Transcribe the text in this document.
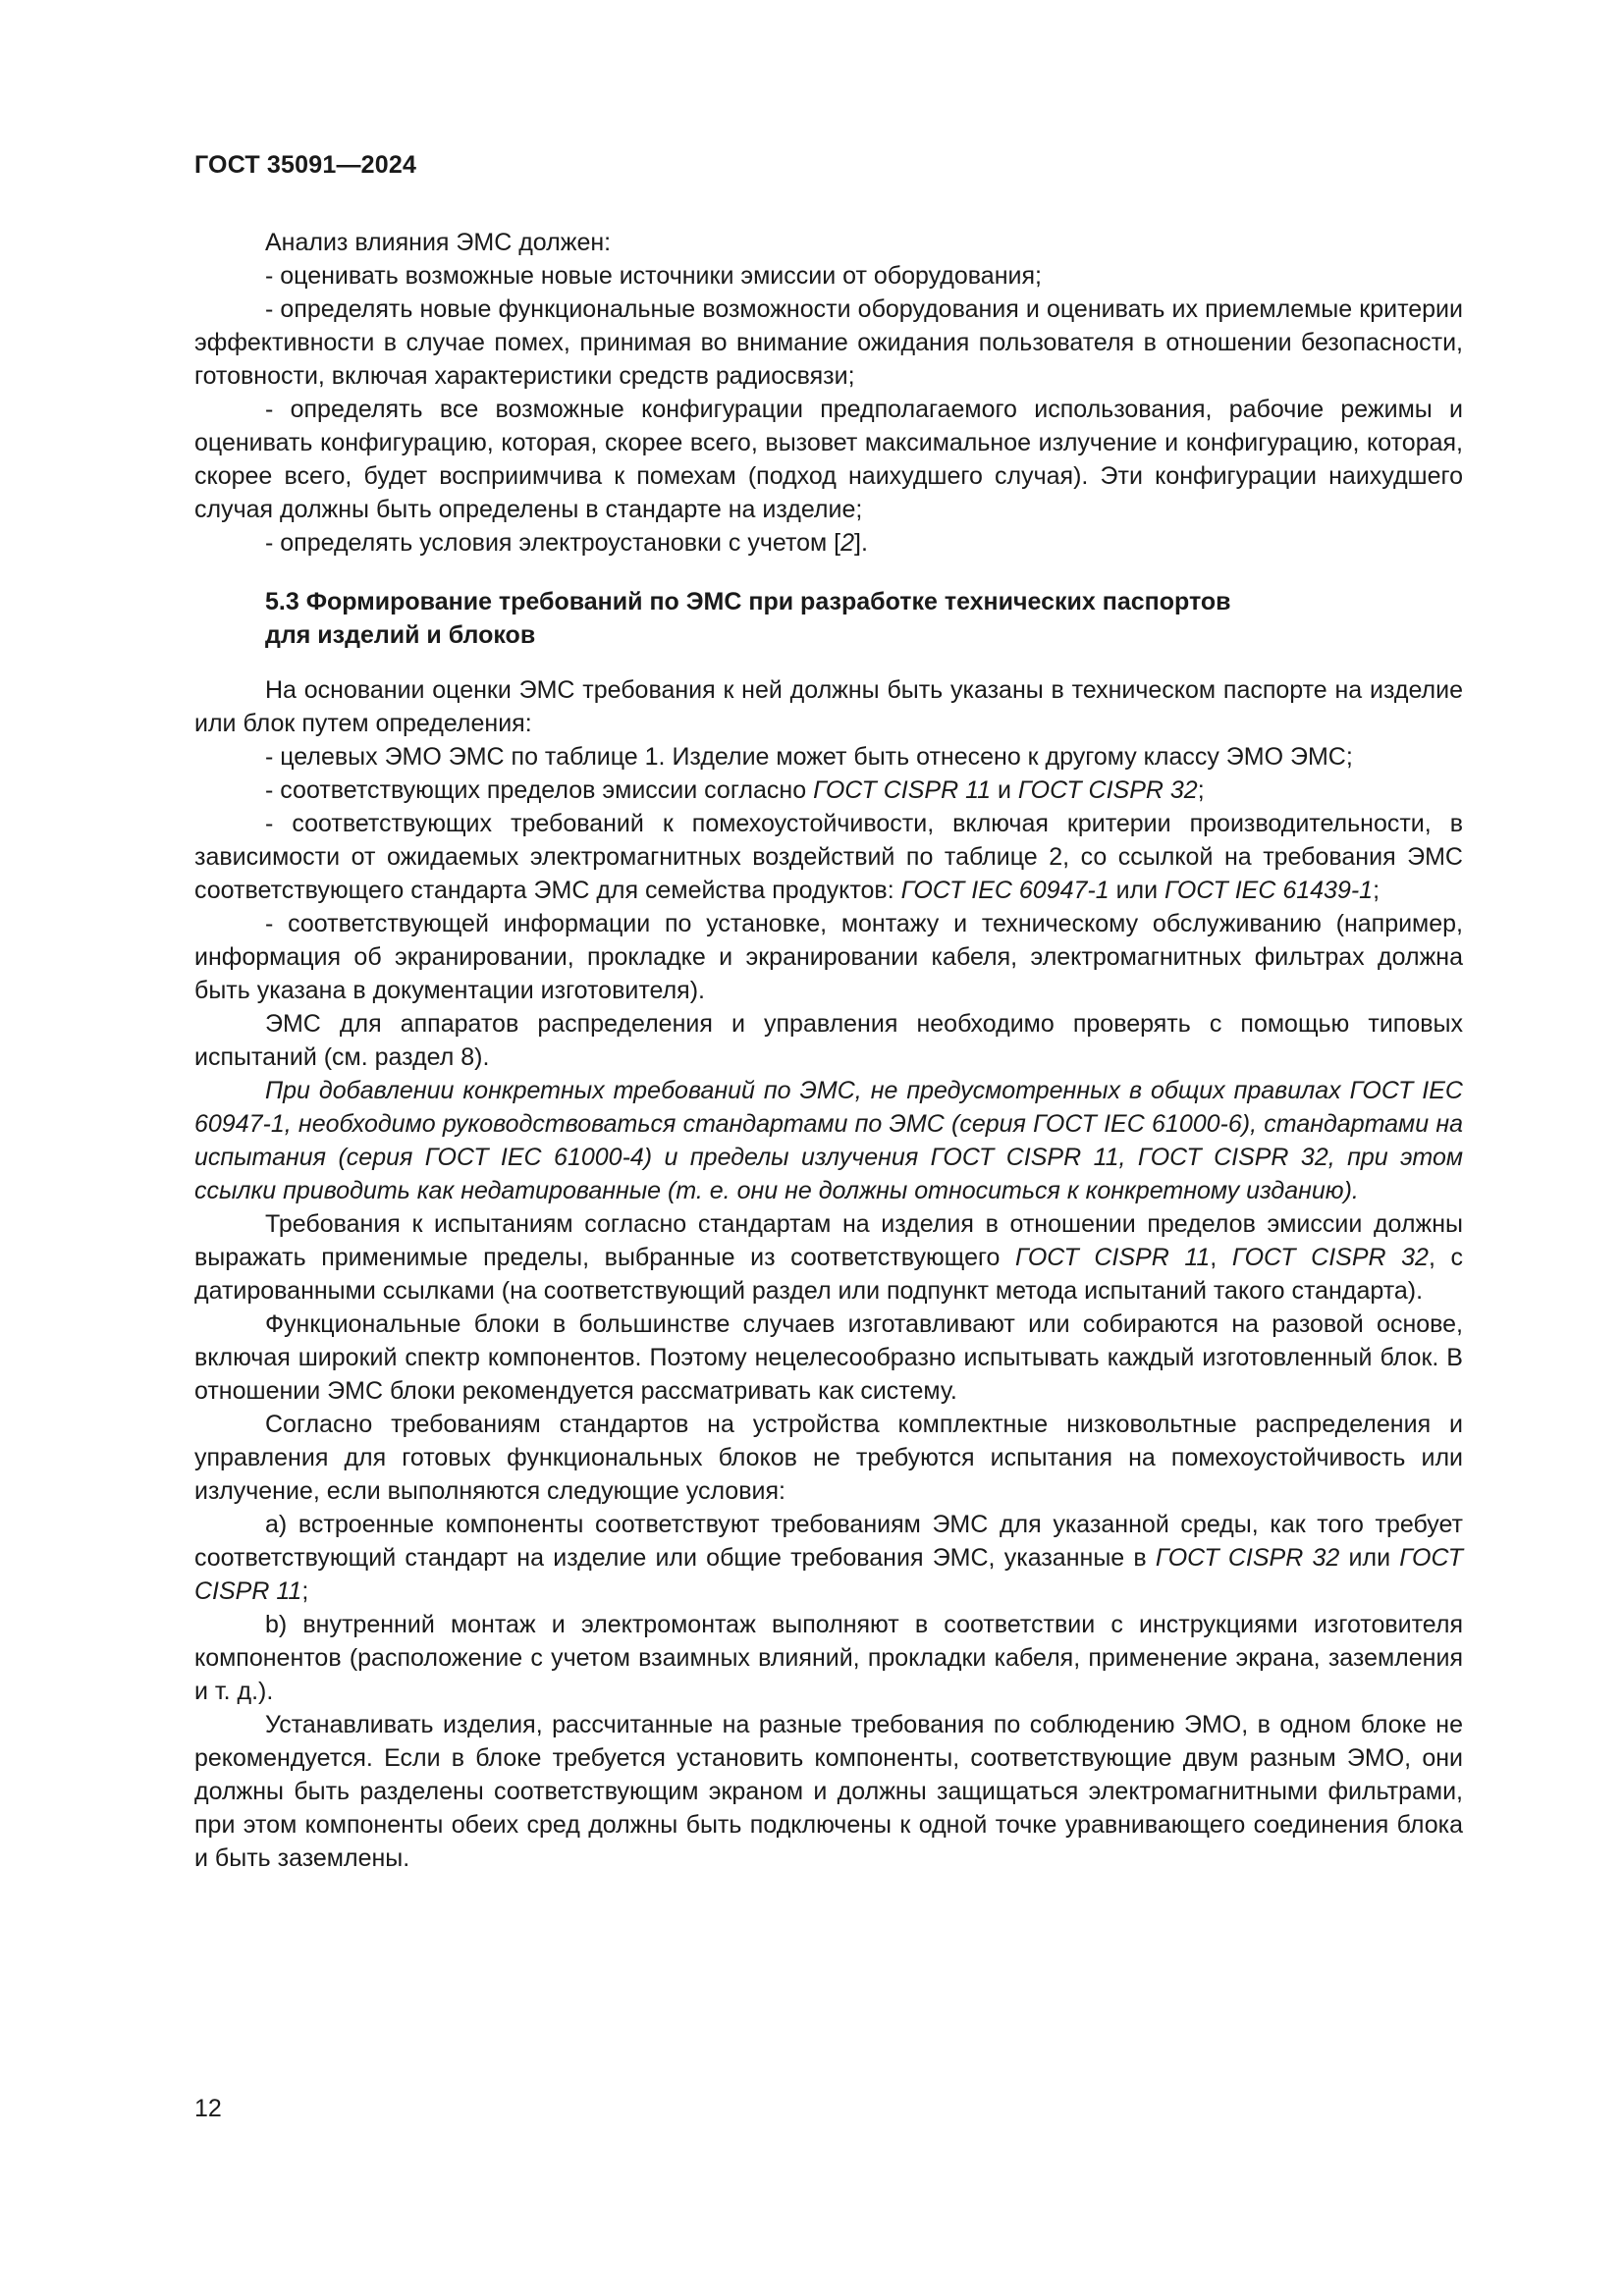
ГОСТ 35091—2024

Анализ влияния ЭМС должен:

- оценивать возможные новые источники эмиссии от оборудования;

- определять новые функциональные возможности оборудования и оценивать их приемлемые критерии эффективности в случае помех, принимая во внимание ожидания пользователя в отношении безопасности, готовности, включая характеристики средств радиосвязи;

- определять все возможные конфигурации предполагаемого использования, рабочие режимы и оценивать конфигурацию, которая, скорее всего, вызовет максимальное излучение и конфигурацию, которая, скорее всего, будет восприимчива к помехам (подход наихудшего случая). Эти конфигурации наихудшего случая должны быть определены в стандарте на изделие;

- определять условия электроустановки с учетом [2].

5.3 Формирование требований по ЭМС при разработке технических паспортов
для изделий и блоков

На основании оценки ЭМС требования к ней должны быть указаны в техническом паспорте на изделие или блок путем определения:

- целевых ЭМО ЭМС по таблице 1. Изделие может быть отнесено к другому классу ЭМО ЭМС;

- соответствующих пределов эмиссии согласно ГОСТ CISPR 11 и ГОСТ CISPR 32;

- соответствующих требований к помехоустойчивости, включая критерии производительности, в зависимости от ожидаемых электромагнитных воздействий по таблице 2, со ссылкой на требования ЭМС соответствующего стандарта ЭМС для семейства продуктов: ГОСТ IEC 60947-1 или ГОСТ IEC 61439-1;

- соответствующей информации по установке, монтажу и техническому обслуживанию (например, информация об экранировании, прокладке и экранировании кабеля, электромагнитных фильтрах должна быть указана в документации изготовителя).

ЭМС для аппаратов распределения и управления необходимо проверять с помощью типовых испытаний (см. раздел 8).

При добавлении конкретных требований по ЭМС, не предусмотренных в общих правилах ГОСТ IEC 60947-1, необходимо руководствоваться стандартами по ЭМС (серия ГОСТ IEC 61000-6), стандартами на испытания (серия ГОСТ IEC 61000-4) и пределы излучения ГОСТ CISPR 11, ГОСТ CISPR 32, при этом ссылки приводить как недатированные (т. е. они не должны относиться к конкретному изданию).

Требования к испытаниям согласно стандартам на изделия в отношении пределов эмиссии должны выражать применимые пределы, выбранные из соответствующего ГОСТ CISPR 11, ГОСТ CISPR 32, с датированными ссылками (на соответствующий раздел или подпункт метода испытаний такого стандарта).

Функциональные блоки в большинстве случаев изготавливают или собираются на разовой основе, включая широкий спектр компонентов. Поэтому нецелесообразно испытывать каждый изготовленный блок. В отношении ЭМС блоки рекомендуется рассматривать как систему.

Согласно требованиям стандартов на устройства комплектные низковольтные распределения и управления для готовых функциональных блоков не требуются испытания на помехоустойчивость или излучение, если выполняются следующие условия:

a) встроенные компоненты соответствуют требованиям ЭМС для указанной среды, как того требует соответствующий стандарт на изделие или общие требования ЭМС, указанные в ГОСТ CISPR 32 или ГОСТ CISPR 11;

b) внутренний монтаж и электромонтаж выполняют в соответствии с инструкциями изготовителя компонентов (расположение с учетом взаимных влияний, прокладки кабеля, применение экрана, заземления и т. д.).

Устанавливать изделия, рассчитанные на разные требования по соблюдению ЭМО, в одном блоке не рекомендуется. Если в блоке требуется установить компоненты, соответствующие двум разным ЭМО, они должны быть разделены соответствующим экраном и должны защищаться электромагнитными фильтрами, при этом компоненты обеих сред должны быть подключены к одной точке уравнивающего соединения блока и быть заземлены.

12
